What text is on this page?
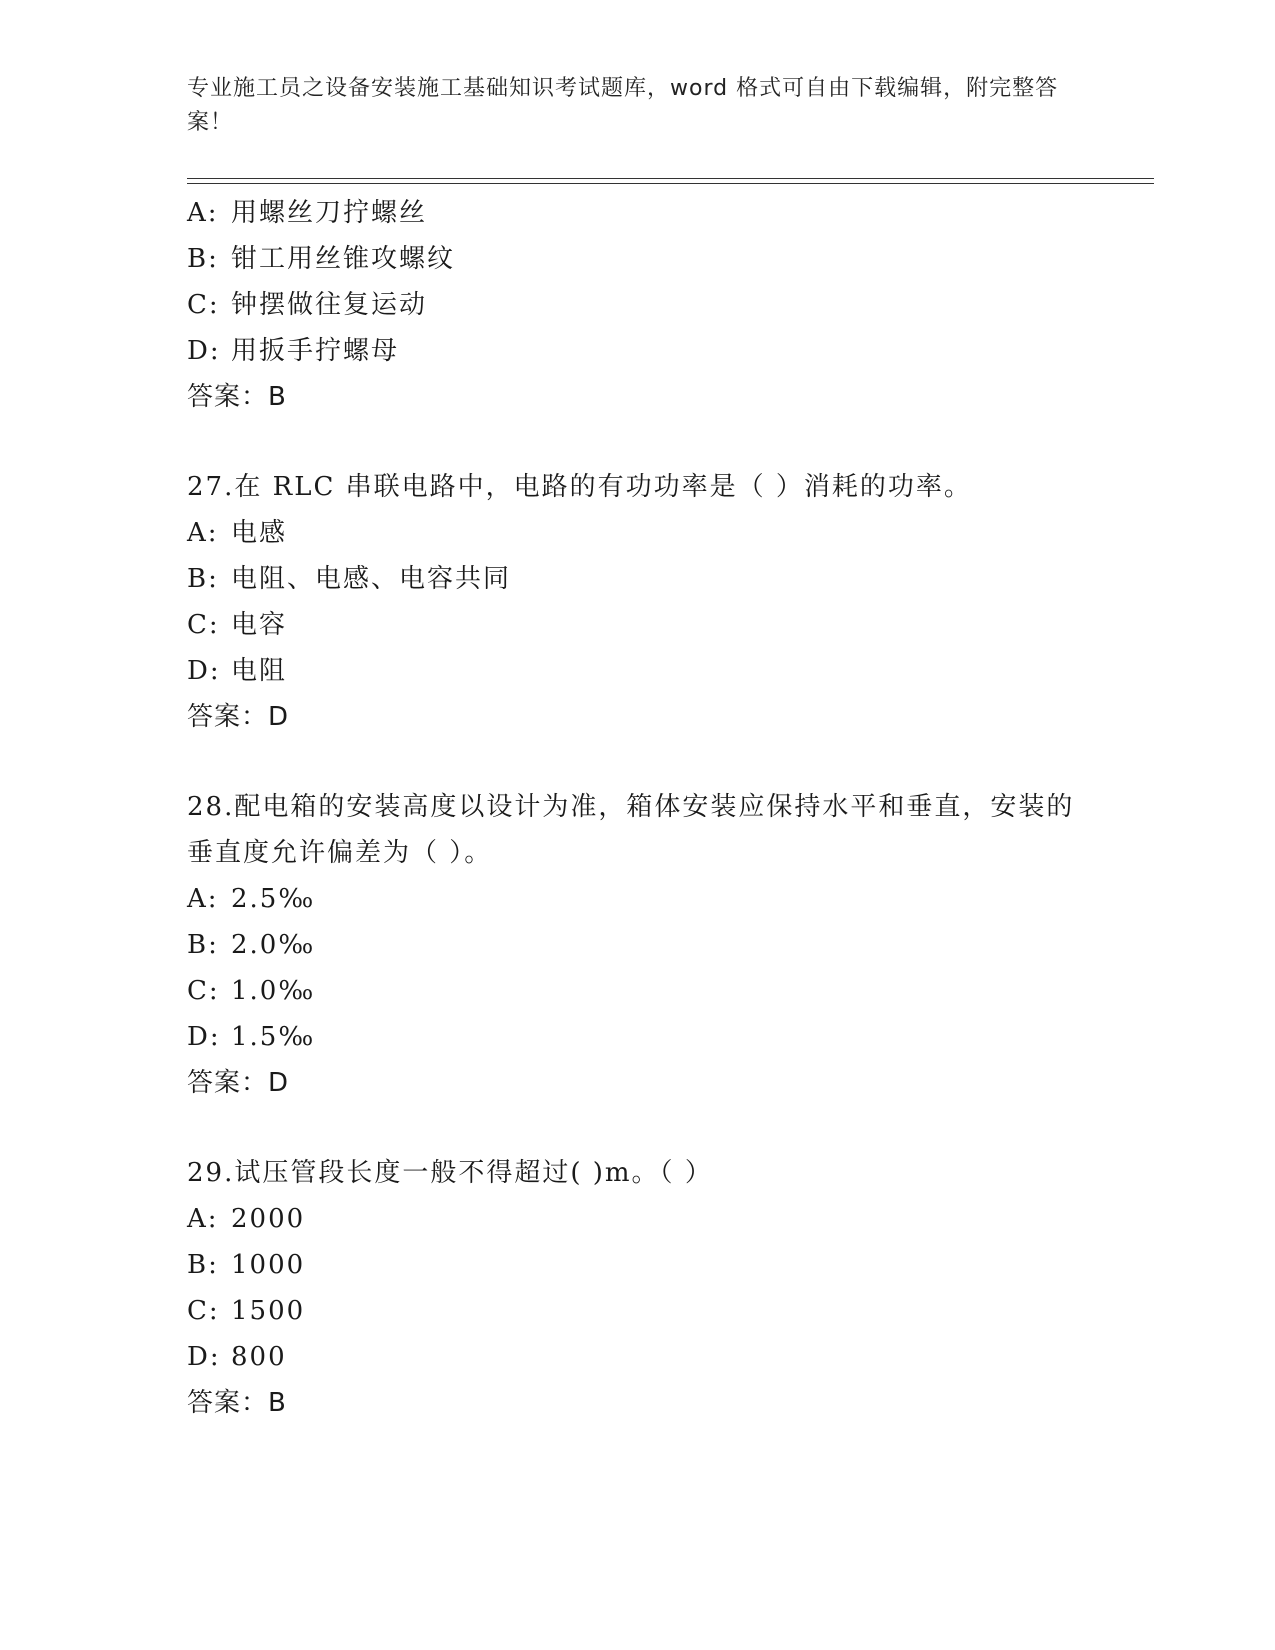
专业施工员之设备安装施工基础知识考试题库，word 格式可自由下载编辑，附完整答案！
A: 用螺丝刀拧螺丝
B: 钳工用丝锥攻螺纹
C: 钟摆做往复运动
D: 用扳手拧螺母
答案：B
27.在 RLC 串联电路中，电路的有功功率是（ ）消耗的功率。
A: 电感
B: 电阻、电感、电容共同
C: 电容
D: 电阻
答案：D
28.配电箱的安装高度以设计为准，箱体安装应保持水平和垂直，安装的垂直度允许偏差为（ ）。
A: 2.5‰
B: 2.0‰
C: 1.0‰
D: 1.5‰
答案：D
29.试压管段长度一般不得超过( )m。（ ）
A: 2000
B: 1000
C: 1500
D: 800
答案：B
